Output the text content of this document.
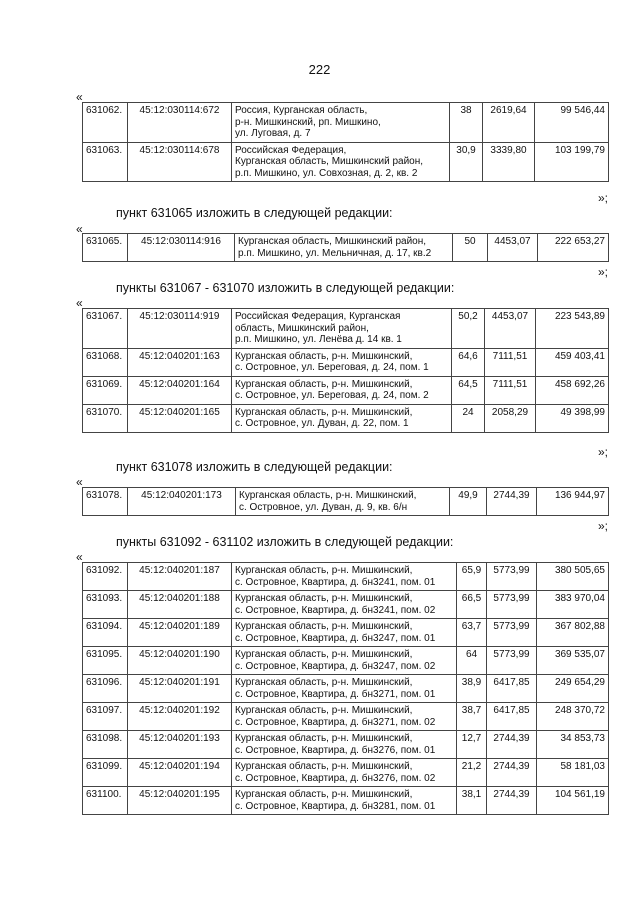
222
«
631062.	45:12:030114:672	Россия, Курганская область,
р-н. Мишкинский, рп. Мишкино,
ул. Луговая, д. 7	38	2619,64	99 546,44
631063.	45:12:030114:678	Российская Федерация,
Курганская область, Мишкинский район,
р.п. Мишкино, ул. Совхозная, д. 2, кв. 2	30,9	3339,80	103 199,79
»;
пункт 631065 изложить в следующей редакции:
«
631065.	45:12:030114:916	Курганская область, Мишкинский район,
р.п. Мишкино, ул. Мельничная, д. 17, кв.2	50	4453,07	222 653,27
»;
пункты 631067 - 631070 изложить в следующей редакции:
«
631067.	45:12:030114:919	Российская Федерация, Курганская
область, Мишкинский район,
р.п. Мишкино, ул. Ленёва д. 14 кв. 1	50,2	4453,07	223 543,89
631068.	45:12:040201:163	Курганская область, р-н. Мишкинский,
с. Островное, ул. Береговая, д. 24, пом. 1	64,6	7111,51	459 403,41
631069.	45:12:040201:164	Курганская область, р-н. Мишкинский,
с. Островное, ул. Береговая, д. 24, пом. 2	64,5	7111,51	458 692,26
631070.	45:12:040201:165	Курганская область, р-н. Мишкинский,
с. Островное, ул. Дуван, д. 22, пом. 1	24	2058,29	49 398,99
»;
пункт 631078 изложить в следующей редакции:
«
631078.	45:12:040201:173	Курганская область, р-н. Мишкинский,
с. Островное, ул. Дуван, д. 9, кв. 6/н	49,9	2744,39	136 944,97
»;
пункты 631092 - 631102 изложить в следующей редакции:
«
631092.	45:12:040201:187	Курганская область, р-н. Мишкинский,
с. Островное, Квартира, д. бн3241, пом. 01	65,9	5773,99	380 505,65
631093.	45:12:040201:188	Курганская область, р-н. Мишкинский,
с. Островное, Квартира, д. бн3241, пом. 02	66,5	5773,99	383 970,04
631094.	45:12:040201:189	Курганская область, р-н. Мишкинский,
с. Островное, Квартира, д. бн3247, пом. 01	63,7	5773,99	367 802,88
631095.	45:12:040201:190	Курганская область, р-н. Мишкинский,
с. Островное, Квартира, д. бн3247, пом. 02	64	5773,99	369 535,07
631096.	45:12:040201:191	Курганская область, р-н. Мишкинский,
с. Островное, Квартира, д. бн3271, пом. 01	38,9	6417,85	249 654,29
631097.	45:12:040201:192	Курганская область, р-н. Мишкинский,
с. Островное, Квартира, д. бн3271, пом. 02	38,7	6417,85	248 370,72
631098.	45:12:040201:193	Курганская область, р-н. Мишкинский,
с. Островное, Квартира, д. бн3276, пом. 01	12,7	2744,39	34 853,73
631099.	45:12:040201:194	Курганская область, р-н. Мишкинский,
с. Островное, Квартира, д. бн3276, пом. 02	21,2	2744,39	58 181,03
631100.	45:12:040201:195	Курганская область, р-н. Мишкинский,
с. Островное, Квартира, д. бн3281, пом. 01	38,1	2744,39	104 561,19
